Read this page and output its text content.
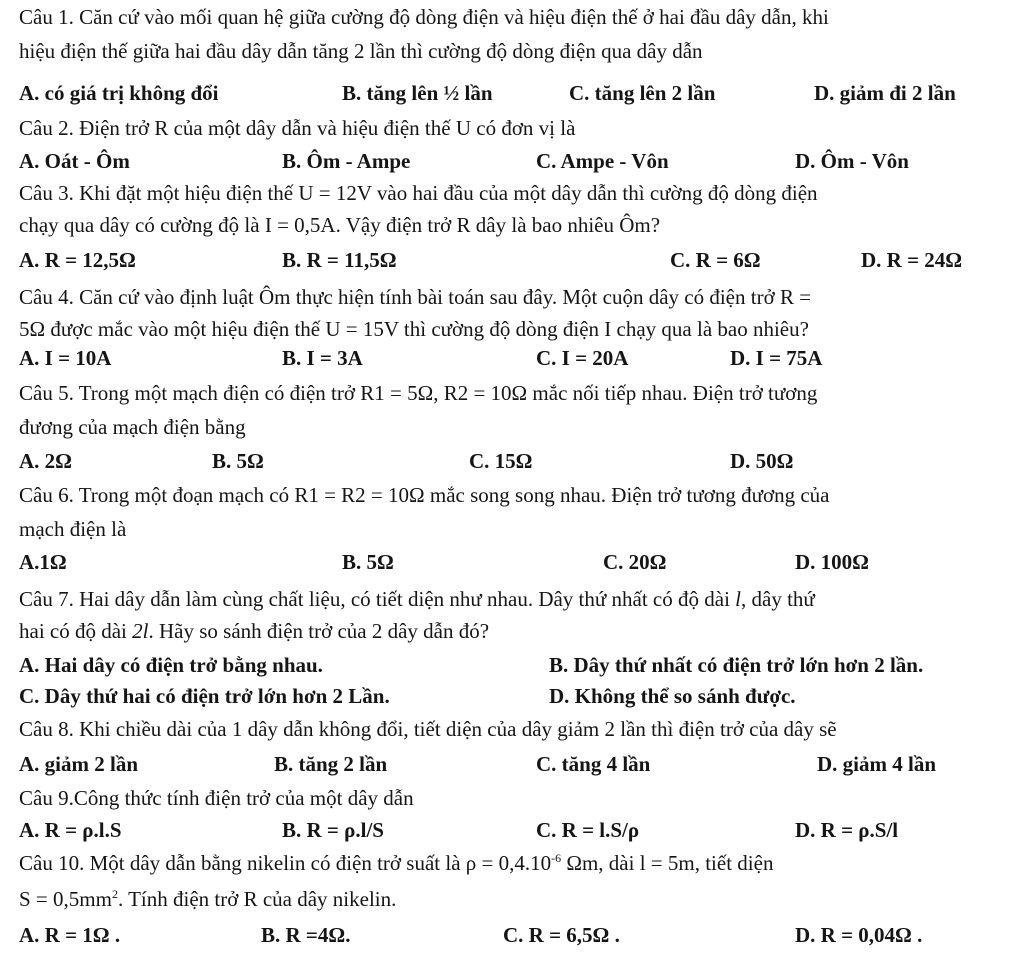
Câu 1. Căn cứ vào mối quan hệ giữa cường độ dòng điện và hiệu điện thế ở hai đầu dây dẫn, khi
hiệu điện thế giữa hai đầu dây dẫn tăng 2 lần thì cường độ dòng điện qua dây dẫn
A. có giá trị không đổi	B. tăng lên ½ lần	C. tăng lên 2 lần	D. giảm đi 2 lần
Câu 2. Điện trở R của một dây dẫn và hiệu điện thế U có đơn vị là
A. Oát - Ôm	B. Ôm - Ampe	C. Ampe - Vôn	D. Ôm - Vôn
Câu 3. Khi đặt một hiệu điện thế U = 12V vào hai đầu của một dây dẫn thì cường độ dòng điện
chạy qua dây có cường độ là I = 0,5A. Vậy điện trở R dây là bao nhiêu Ôm?
A. R = 12,5Ω	B. R = 11,5Ω	C. R = 6Ω	D. R = 24Ω
Câu 4. Căn cứ vào định luật Ôm thực hiện tính bài toán sau đây. Một cuộn dây có điện trở R =
5Ω được mắc vào một hiệu điện thế U = 15V thì cường độ dòng điện I chạy qua là bao nhiêu?
A. I = 10A	B. I = 3A	C. I = 20A	D. I = 75A
Câu 5. Trong một mạch điện có điện trở R1 = 5Ω, R2 = 10Ω mắc nối tiếp nhau. Điện trở tương
đương của mạch điện bằng
A. 2Ω	B. 5Ω	C. 15Ω	D. 50Ω
Câu 6. Trong một đoạn mạch có R1 = R2 = 10Ω mắc song song nhau. Điện trở tương đương của
mạch điện là
A.1Ω	B. 5Ω	C. 20Ω	D. 100Ω
Câu 7. Hai dây dẫn làm cùng chất liệu, có tiết diện như nhau. Dây thứ nhất có độ dài l, dây thứ
hai có độ dài 2l. Hãy so sánh điện trở của 2 dây dẫn đó?
A. Hai dây có điện trở bằng nhau.	B. Dây thứ nhất có điện trở lớn hơn 2 lần.
C. Dây thứ hai có điện trở lớn hơn 2 Lần.	D. Không thể so sánh được.
Câu 8. Khi chiều dài của 1 dây dẫn không đổi, tiết diện của dây giảm 2 lần thì điện trở của dây sẽ
A. giảm 2 lần	B. tăng 2 lần	C. tăng 4 lần	D. giảm 4 lần
Câu 9.Công thức tính điện trở của một dây dẫn
A. R = ρ.l.S	B. R = ρ.l/S	C. R = l.S/ρ	D. R = ρ.S/l
Câu 10. Một dây dẫn bằng nikelin có điện trở suất là $\rho = 0,4.10^{-6}$ Ωm, dài l = 5m, tiết diện
$S = 0,5mm^2$. Tính điện trở R của dây nikelin.
A. R = 1Ω .	B. R =4Ω.	C. R = 6,5Ω .	D. R = 0,04Ω .
